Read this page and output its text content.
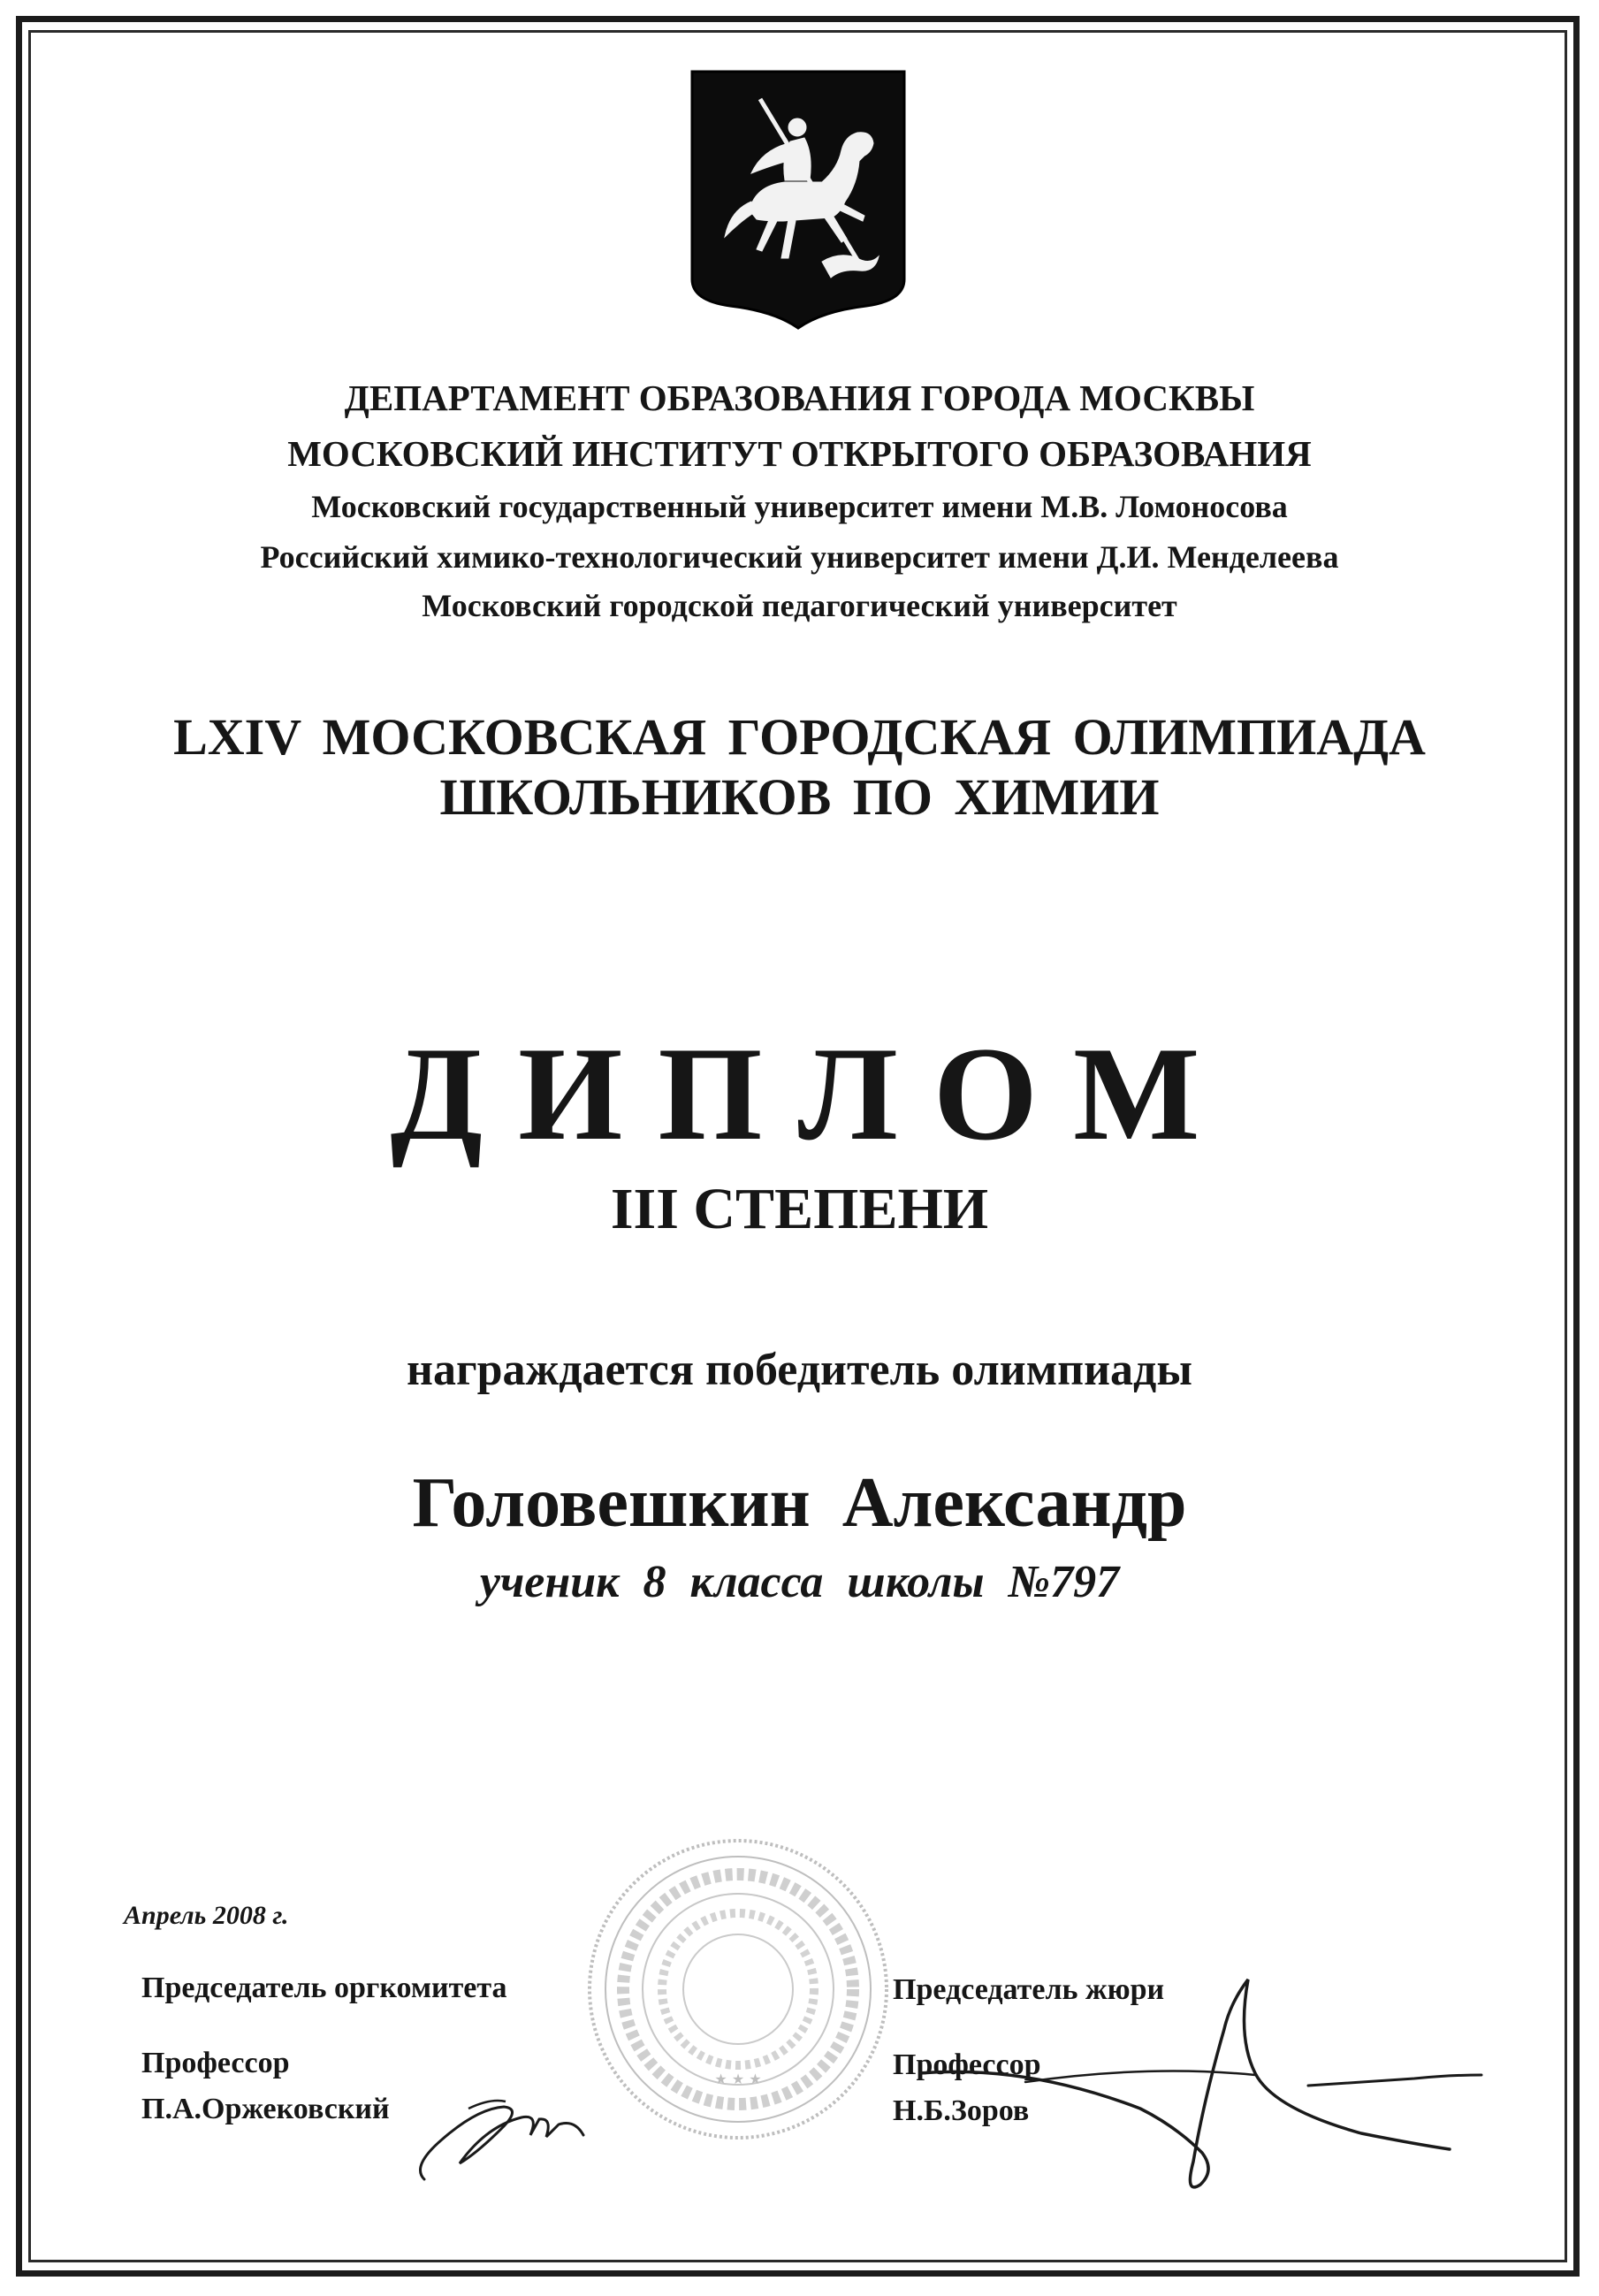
ДЕПАРТАМЕНТ ОБРАЗОВАНИЯ ГОРОДА МОСКВЫ
МОСКОВСКИЙ ИНСТИТУТ ОТКРЫТОГО ОБРАЗОВАНИЯ
Московский государственный университет имени М.В. Ломоносова
Российский химико-технологический университет имени Д.И. Менделеева
Московский городской педагогический университет
LXIV МОСКОВСКАЯ ГОРОДСКАЯ ОЛИМПИАДА
ШКОЛЬНИКОВ ПО ХИМИИ
ДИПЛОМ
III СТЕПЕНИ
награждается победитель олимпиады
Головешкин Александр
ученик 8 класса школы №797
Апрель 2008 г.
★ ★ ★
Председатель оргкомитета
Профессор
П.А.Оржековский
Председатель жюри
Профессор
Н.Б.Зоров
